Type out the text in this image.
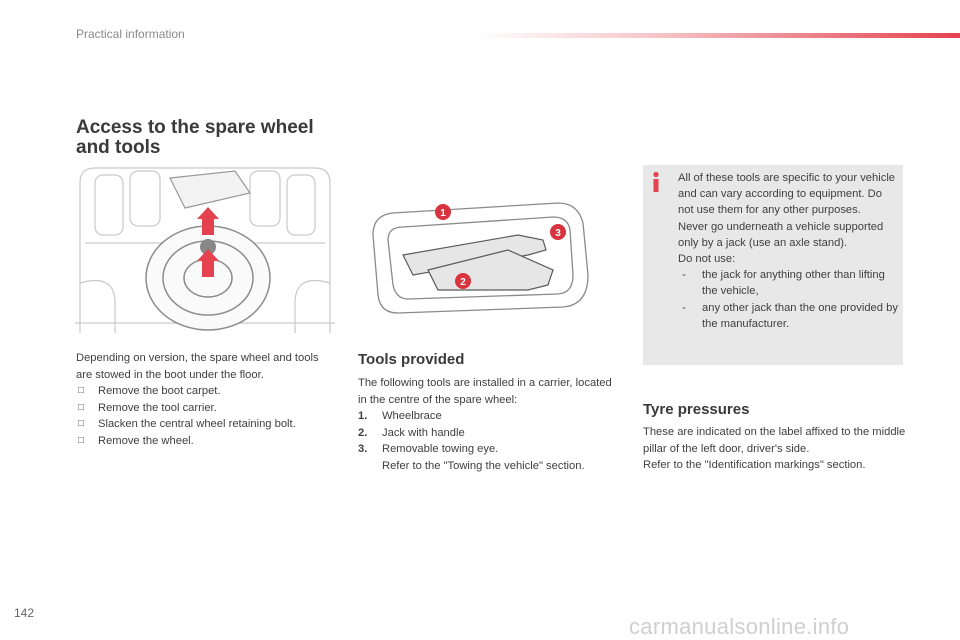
Practical information
Access to the spare wheel and tools
1
2
3
Depending on version, the spare wheel and tools are stowed in the boot under the floor.
□ Remove the boot carpet.
□ Remove the tool carrier.
□ Slacken the central wheel retaining bolt.
□ Remove the wheel.
Tools provided
The following tools are installed in a carrier, located in the centre of the spare wheel:
1. Wheelbrace
2. Jack with handle
3. Removable towing eye.
Refer to the "Towing the vehicle" section.
All of these tools are specific to your vehicle and can vary according to equipment. Do not use them for any other purposes.
Never go underneath a vehicle supported only by a jack (use an axle stand).
Do not use:
- the jack for anything other than lifting the vehicle,
- any other jack than the one provided by the manufacturer.
Tyre pressures
These are indicated on the label affixed to the middle pillar of the left door, driver's side.
Refer to the "Identification markings" section.
142
carmanualsonline.info
